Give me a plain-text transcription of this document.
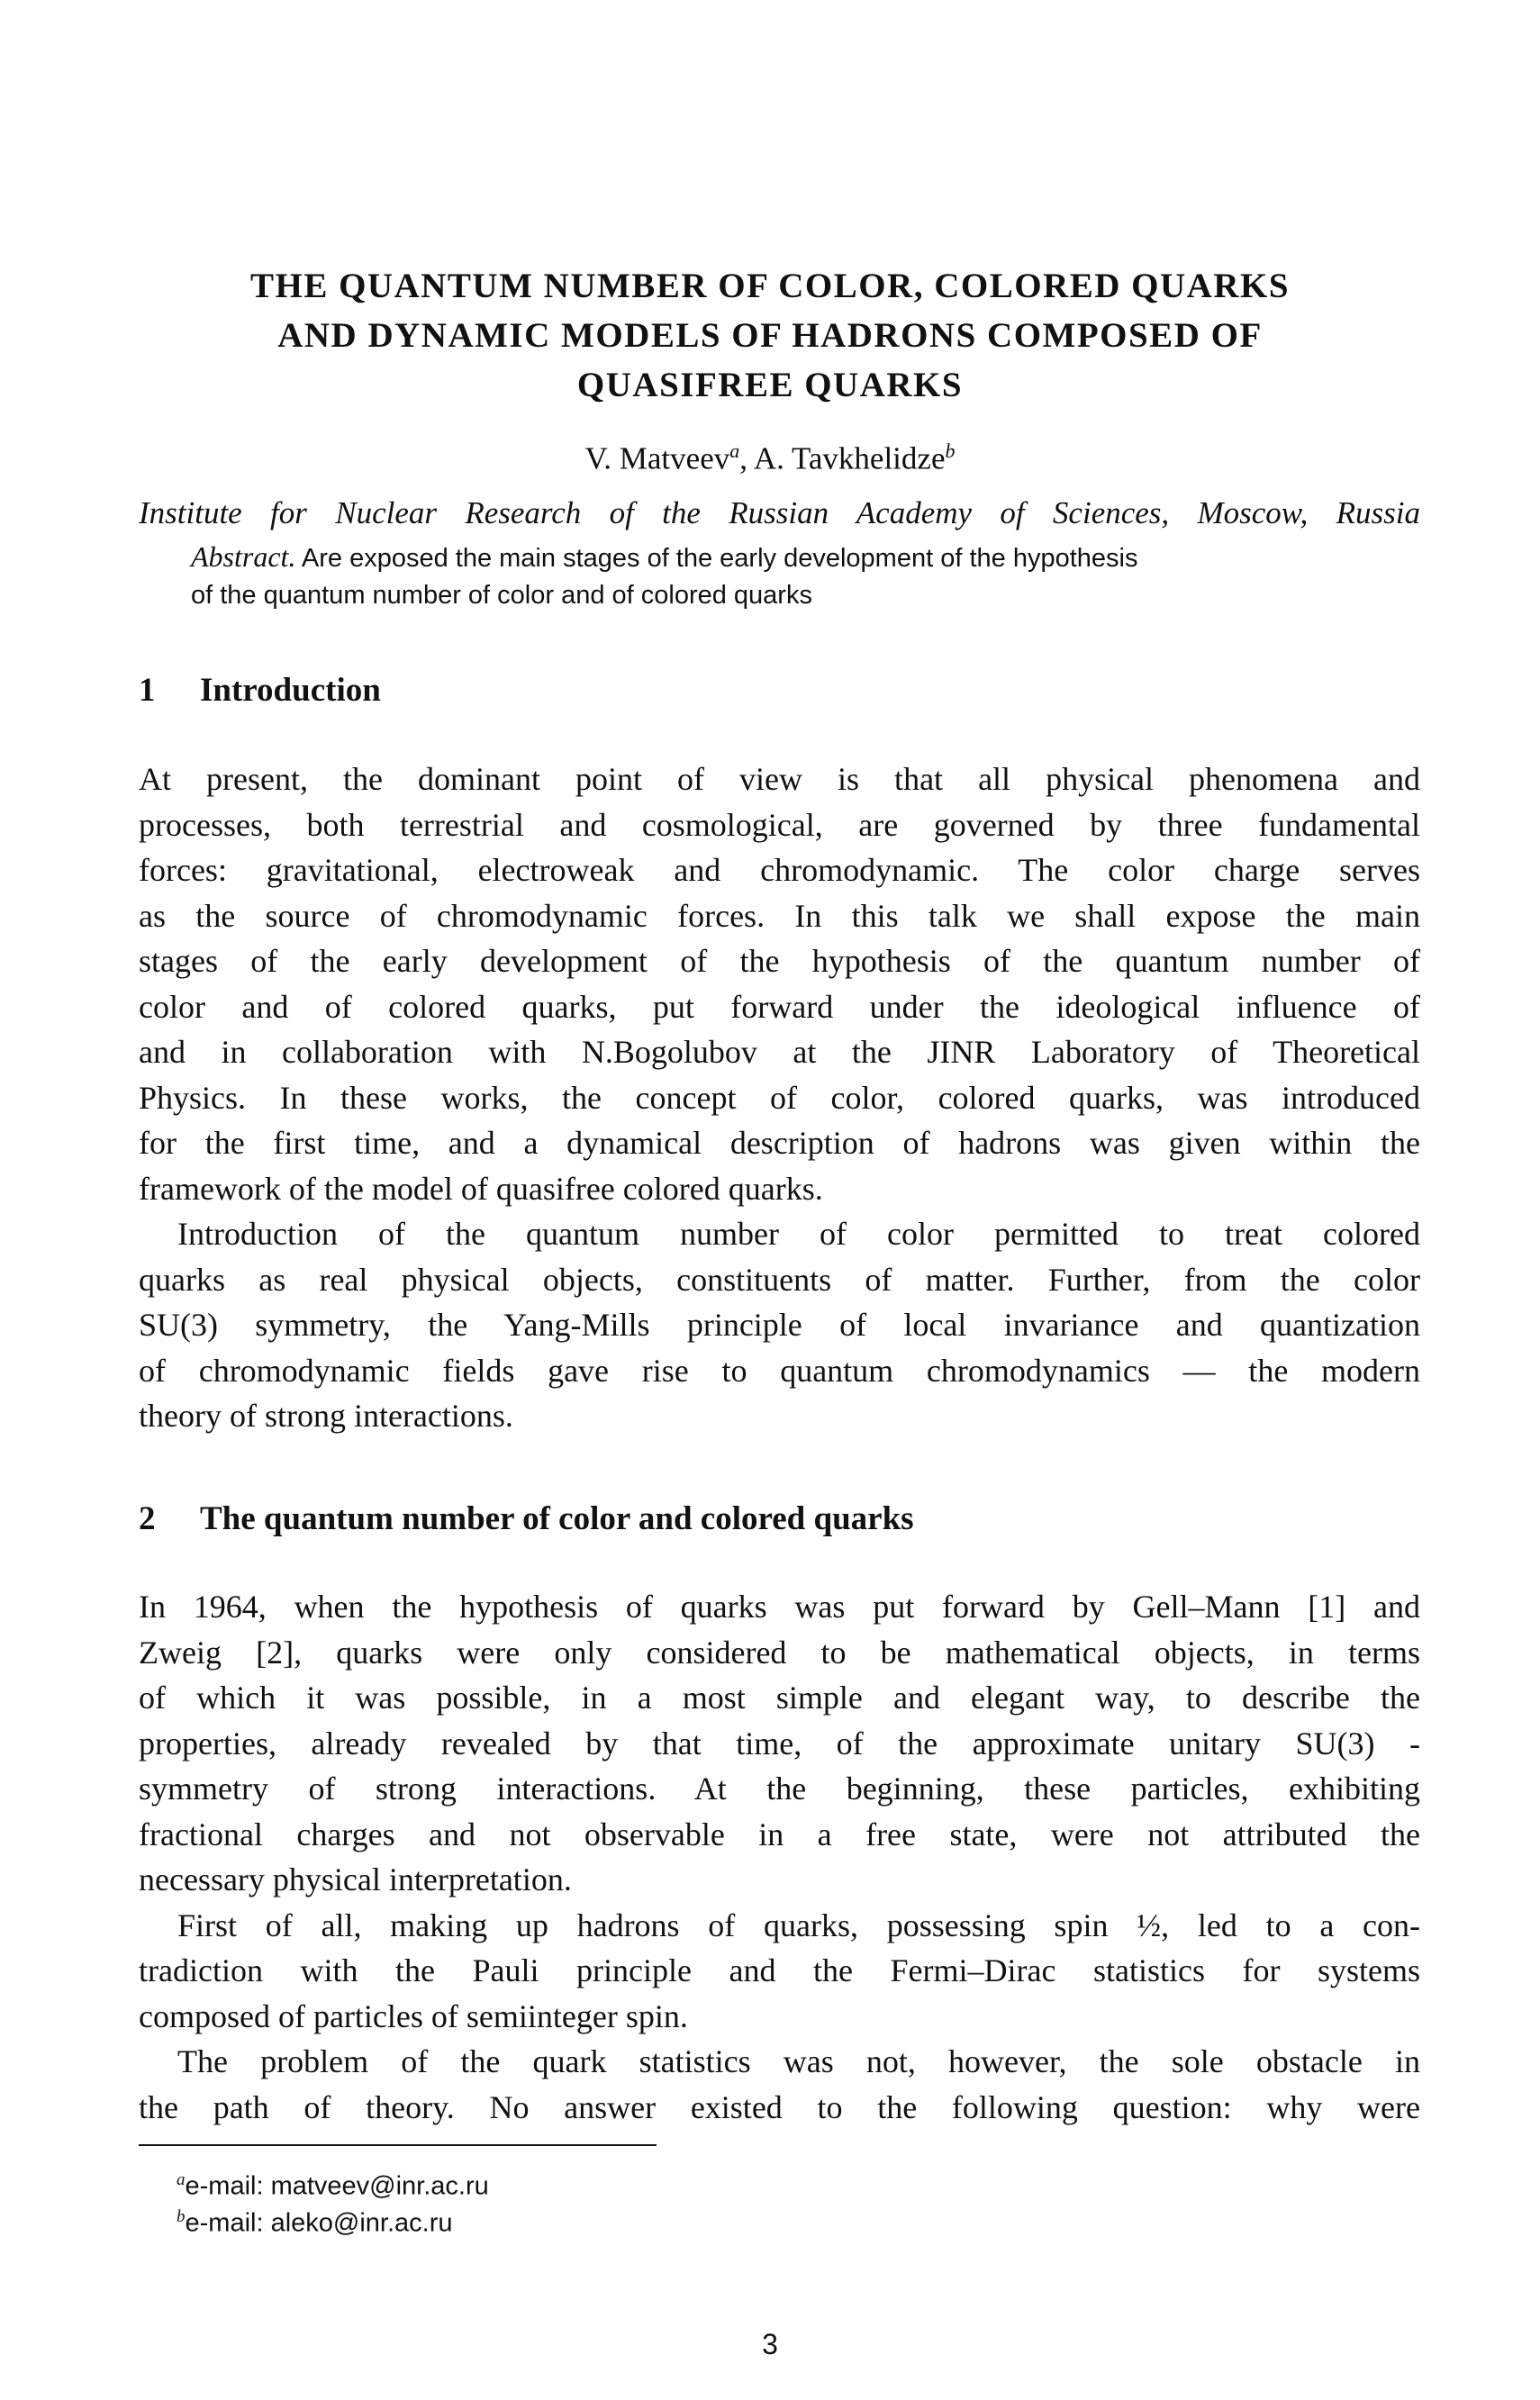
THE QUANTUM NUMBER OF COLOR, COLORED QUARKS
AND DYNAMIC MODELS OF HADRONS COMPOSED OF
QUASIFREE QUARKS
V. Matveev$^a$, A. Tavkhelidze$^b$
Institute for Nuclear Research of the Russian Academy of Sciences, Moscow, Russia
Abstract. Are exposed the main stages of the early development of the hypothesis
of the quantum number of color and of colored quarks
1 Introduction
At present, the dominant point of view is that all physical phenomena and
processes, both terrestrial and cosmological, are governed by three fundamental
forces: gravitational, electroweak and chromodynamic. The color charge serves
as the source of chromodynamic forces. In this talk we shall expose the main
stages of the early development of the hypothesis of the quantum number of
color and of colored quarks, put forward under the ideological influence of
and in collaboration with N.Bogolubov at the JINR Laboratory of Theoretical
Physics. In these works, the concept of color, colored quarks, was introduced
for the first time, and a dynamical description of hadrons was given within the
framework of the model of quasifree colored quarks.
Introduction of the quantum number of color permitted to treat colored
quarks as real physical objects, constituents of matter. Further, from the color
SU(3) symmetry, the Yang-Mills principle of local invariance and quantization
of chromodynamic fields gave rise to quantum chromodynamics — the modern
theory of strong interactions.
2 The quantum number of color and colored quarks
In 1964, when the hypothesis of quarks was put forward by Gell–Mann [1] and
Zweig [2], quarks were only considered to be mathematical objects, in terms
of which it was possible, in a most simple and elegant way, to describe the
properties, already revealed by that time, of the approximate unitary SU(3) -
symmetry of strong interactions. At the beginning, these particles, exhibiting
fractional charges and not observable in a free state, were not attributed the
necessary physical interpretation.
First of all, making up hadrons of quarks, possessing spin ½, led to a con-
tradiction with the Pauli principle and the Fermi–Dirac statistics for systems
composed of particles of semiinteger spin.
The problem of the quark statistics was not, however, the sole obstacle in
the path of theory. No answer existed to the following question: why were
$^a$e-mail: matveev@inr.ac.ru
$^b$e-mail: aleko@inr.ac.ru
3
